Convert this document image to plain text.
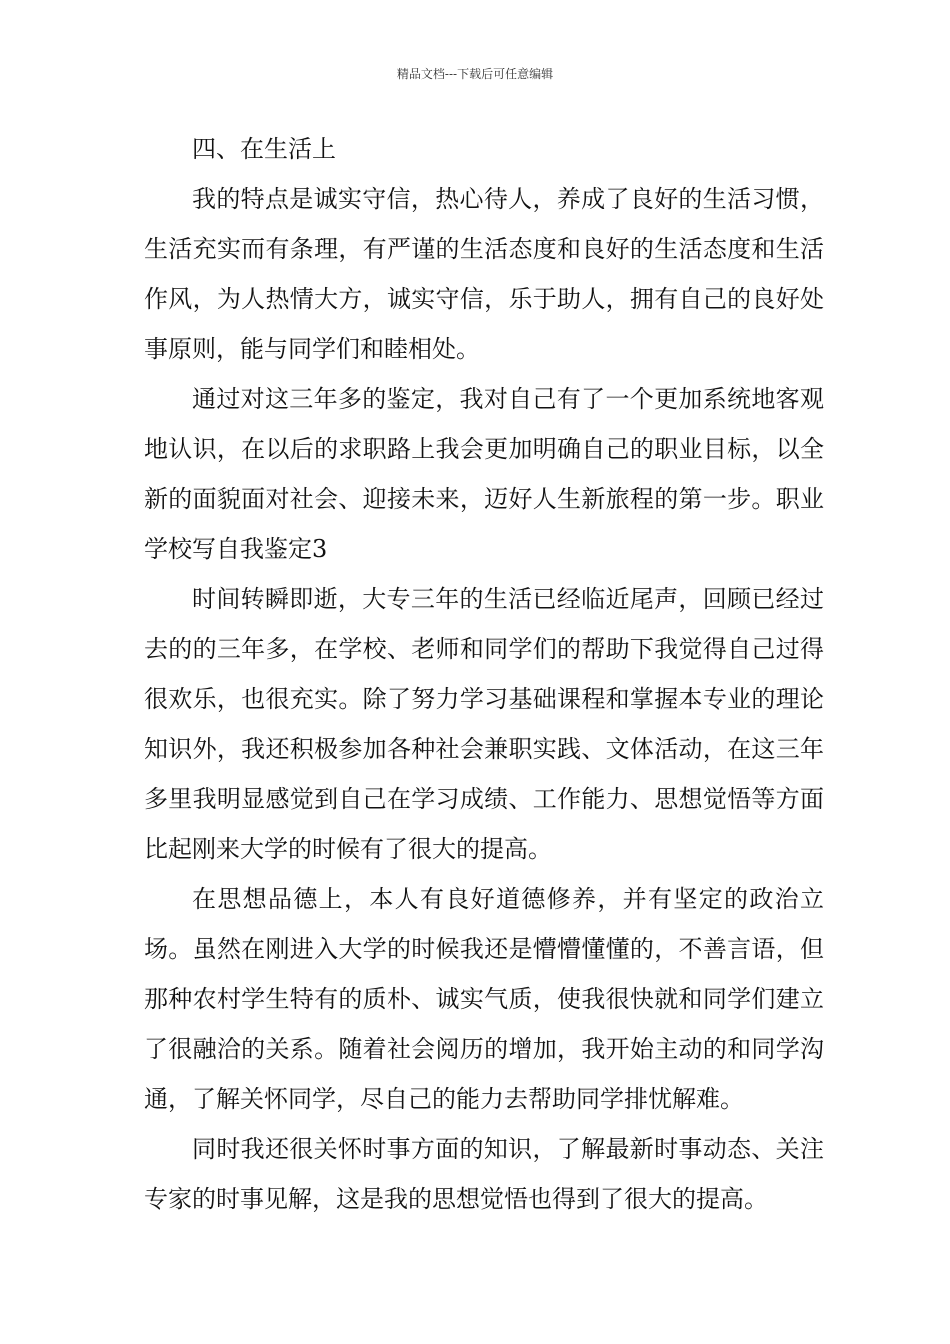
精品文档---下载后可任意编辑

四、在生活上

我的特点是诚实守信，热心待人，养成了良好的生活习惯，生活充实而有条理，有严谨的生活态度和良好的生活态度和生活作风，为人热情大方，诚实守信，乐于助人，拥有自己的良好处事原则，能与同学们和睦相处。

通过对这三年多的鉴定，我对自己有了一个更加系统地客观地认识，在以后的求职路上我会更加明确自己的职业目标，以全新的面貌面对社会、迎接未来，迈好人生新旅程的第一步。职业学校写自我鉴定3

时间转瞬即逝，大专三年的生活已经临近尾声，回顾已经过去的的三年多，在学校、老师和同学们的帮助下我觉得自己过得很欢乐，也很充实。除了努力学习基础课程和掌握本专业的理论知识外，我还积极参加各种社会兼职实践、文体活动，在这三年多里我明显感觉到自己在学习成绩、工作能力、思想觉悟等方面比起刚来大学的时候有了很大的提高。

在思想品德上，本人有良好道德修养，并有坚定的政治立场。虽然在刚进入大学的时候我还是懵懵懂懂的，不善言语，但那种农村学生特有的质朴、诚实气质，使我很快就和同学们建立了很融洽的关系。随着社会阅历的增加，我开始主动的和同学沟通，了解关怀同学，尽自己的能力去帮助同学排忧解难。

同时我还很关怀时事方面的知识，了解最新时事动态、关注专家的时事见解，这是我的思想觉悟也得到了很大的提高。
